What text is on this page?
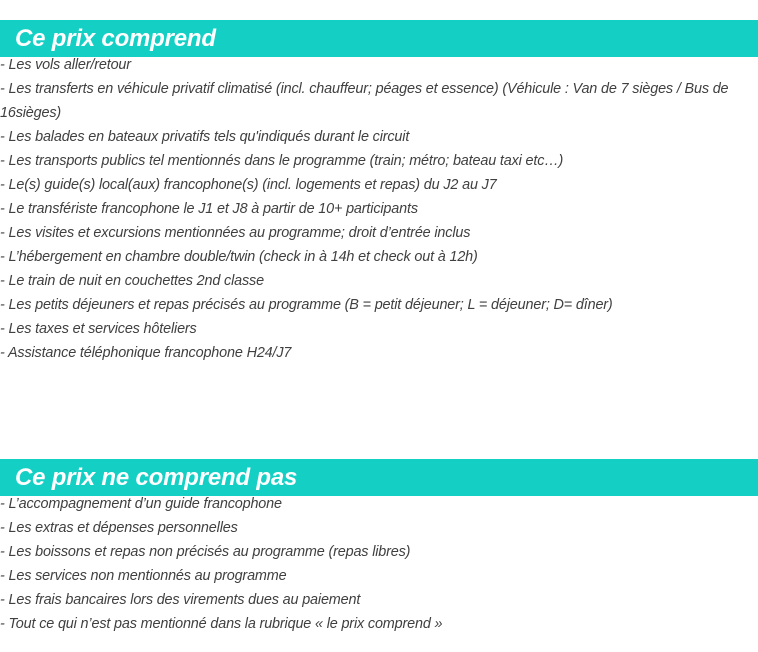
Ce prix comprend
- Les vols aller/retour
- Les transferts en véhicule privatif climatisé (incl. chauffeur; péages et essence) (Véhicule : Van de 7 sièges / Bus de 16sièges)
- Les balades en bateaux privatifs tels qu'indiqués durant le circuit
- Les transports publics tel mentionnés dans le programme (train; métro; bateau taxi etc…)
- Le(s) guide(s) local(aux) francophone(s) (incl. logements et repas) du J2 au J7
- Le transfériste francophone le J1 et J8 à partir de 10+ participants
- Les visites et excursions mentionnées au programme; droit d’entrée inclus
- L’hébergement en chambre double/twin (check in à 14h et check out à 12h)
- Le train de nuit en couchettes 2nd classe
- Les petits déjeuners et repas précisés au programme (B = petit déjeuner; L = déjeuner; D= dîner)
- Les taxes et services hôteliers
- Assistance téléphonique francophone H24/J7
Ce prix ne comprend pas
- L’accompagnement d’un guide francophone
- Les extras et dépenses personnelles
- Les boissons et repas non précisés au programme (repas libres)
- Les services non mentionnés au programme
- Les frais bancaires lors des virements dues au paiement
- Tout ce qui n’est pas mentionné dans la rubrique « le prix comprend »
